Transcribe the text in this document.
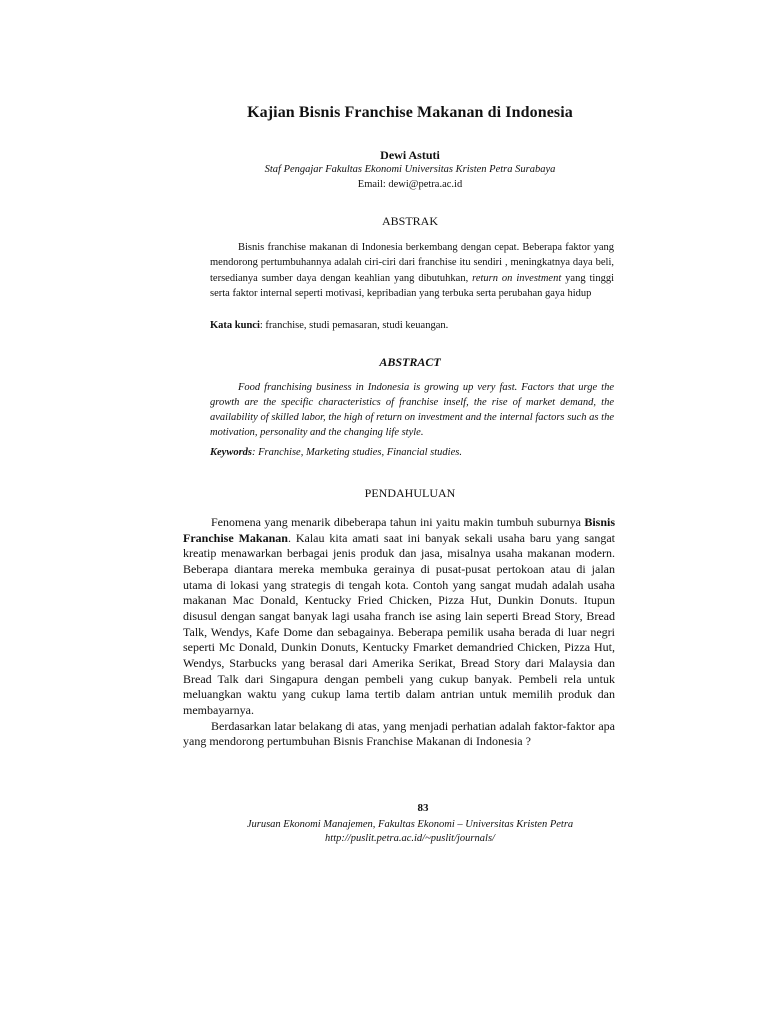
Kajian Bisnis Franchise Makanan di Indonesia
Dewi Astuti
Staf Pengajar Fakultas Ekonomi Universitas Kristen Petra Surabaya
Email: dewi@petra.ac.id
ABSTRAK
Bisnis franchise makanan di Indonesia berkembang dengan cepat. Beberapa faktor yang mendorong pertumbuhannya adalah ciri-ciri dari franchise itu sendiri , meningkatnya daya beli, tersedianya sumber daya dengan keahlian yang dibutuhkan, return on investment yang tinggi serta faktor internal seperti motivasi, kepribadian yang terbuka serta perubahan gaya hidup
Kata kunci: franchise, studi pemasaran, studi keuangan.
ABSTRACT
Food franchising business in Indonesia is growing up very fast. Factors that urge the growth are the specific characteristics of franchise inself, the rise of market demand, the availability of skilled labor, the high of return on investment and the internal factors such as the motivation, personality and the changing life style.
Keywords: Franchise, Marketing studies, Financial studies.
PENDAHULUAN

Fenomena yang menarik dibeberapa tahun ini yaitu makin tumbuh suburnya Bisnis Franchise Makanan. Kalau kita amati saat ini banyak sekali usaha baru yang sangat kreatip menawarkan berbagai jenis produk dan jasa, misalnya usaha makanan modern. Beberapa diantara mereka membuka gerainya di pusat-pusat pertokoan atau di jalan utama di lokasi yang strategis di tengah kota. Contoh yang sangat mudah adalah usaha makanan Mac Donald, Kentucky Fried Chicken, Pizza Hut, Dunkin Donuts. Itupun disusul dengan sangat banyak lagi usaha franch ise asing lain seperti Bread Story, Bread Talk, Wendys, Kafe Dome dan sebagainya. Beberapa pemilik usaha berada di luar negri seperti Mc Donald, Dunkin Donuts, Kentucky Fmarket demandried Chicken, Pizza Hut, Wendys, Starbucks yang berasal dari Amerika Serikat, Bread Story dari Malaysia dan Bread Talk dari Singapura dengan pembeli yang cukup banyak. Pembeli rela untuk meluangkan waktu yang cukup lama tertib dalam antrian untuk memilih produk dan membayarnya.

Berdasarkan latar belakang di atas, yang menjadi perhatian adalah faktor-faktor apa yang mendorong pertumbuhan Bisnis Franchise Makanan di Indonesia ?

83
Jurusan Ekonomi Manajemen, Fakultas Ekonomi – Universitas Kristen Petra
http://puslit.petra.ac.id/~puslit/journals/
